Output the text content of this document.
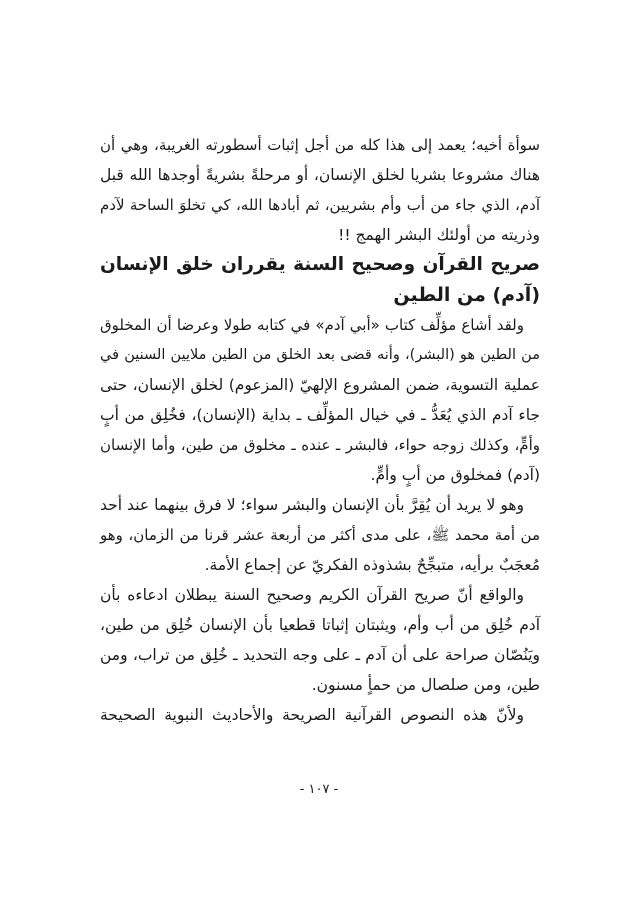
سوأة أخيه؛ يعمد إلى هذا كله من أجل إثبات أسطورته الغريبة، وهي أن
هناك مشروعا بشريا لخلق الإنسان، أو مرحلةً بشريةً أوجدها الله قبل
آدم، الذي جاء من أب وأم بشريين، ثم أبادها الله، كي تخلوَ الساحة لآدم
وذريته من أولئك البشر الهمج !!
صريح القرآن وصحيح السنة يقرران خلق الإنسان
(آدم) من الطين
ولقد أشاع مؤلِّف كتاب «أبي آدم» في كتابه طولا وعرضا أن المخلوق
من الطين هو (البشر)، وأنه قضى بعد الخلق من الطين ملايين السنين في
عملية التسوية، ضمن المشروع الإلهيّ (المزعوم) لخلق الإنسان، حتى
جاء آدم الذي يُعَدُّ ـ في خيال المؤلِّف ـ بداية (الإنسان)، فخُلِق من أبٍ
وأمٍّ، وكذلك زوجه حواء، فالبشر ـ عنده ـ مخلوق من طين، وأما الإنسان
(آدم) فمخلوق من أبٍ وأمٍّ.
وهو لا يريد أن يُقِرَّ بأن الإنسان والبشر سواء؛ لا فرق بينهما عند أحد
من أمة محمد ﷺ، على مدى أكثر من أربعة عشر قرنا من الزمان، وهو
مُعجَبٌ برأيه، متبجِّحٌ بشذوذه الفكريّ عن إجماع الأمة.
والواقع أنّ صريح القرآن الكريم وصحيح السنة يبطلان ادعاءه بأن
آدم خُلِق من أب وأم، ويثبتان إثباتا قطعيا بأن الإنسان خُلِق من طين،
ويَنُصّان صراحة على أن آدم ـ على وجه التحديد ـ خُلِق من تراب، ومن
طين، ومن صلصال من حمأٍ مسنون.
ولأنّ هذه النصوص القرآنية الصريحة والأحاديث النبوية الصحيحة
- ١٠٧ -
